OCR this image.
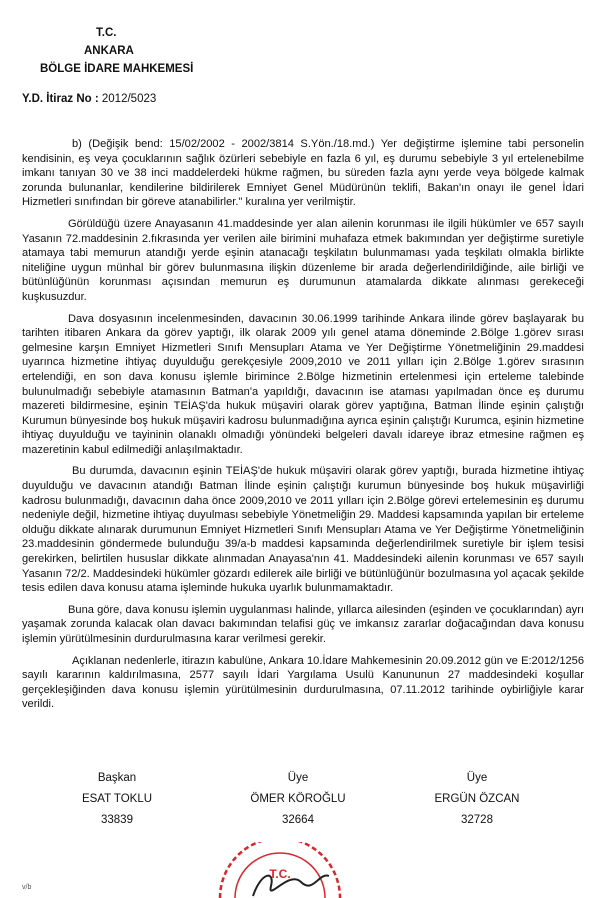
T.C.
ANKARA
BÖLGE İDARE MAHKEMESİ
Y.D. İtiraz No : 2012/5023

b) (Değişik bend: 15/02/2002 - 2002/3814 S.Yön./18.md.) Yer değiştirme işlemine tabi personelin kendisinin, eş veya çocuklarının sağlık özürleri sebebiyle en fazla 6 yıl, eş durumu sebebiyle 3 yıl ertelenebilme imkanı tanıyan 30 ve 38 inci maddelerdeki hükme rağmen, bu süreden fazla aynı yerde veya bölgede kalmak zorunda bulunanlar, kendilerine bildirilerek Emniyet Genel Müdürünün teklifi, Bakan'ın onayı ile genel İdari Hizmetleri sınıfından bir göreve atanabilirler." kuralına yer verilmiştir.

Görüldüğü üzere Anayasanın 41.maddesinde yer alan ailenin korunması ile ilgili hükümler ve 657 sayılı Yasanın 72.maddesinin 2.fıkrasında yer verilen aile birimini muhafaza etmek bakımından yer değiştirme suretiyle atamaya tabi memurun atandığı yerde eşinin atanacağı teşkilatın bulunmaması yada teşkilatı olmakla birlikte niteliğine uygun münhal bir görev bulunmasına ilişkin düzenleme bir arada değerlendirildiğinde, aile birliği ve bütünlüğünün korunması açısından memurun eş durumunun atamalarda dikkate alınması gerekeceği kuşkusuzdur.

Dava dosyasının incelenmesinden, davacının 30.06.1999 tarihinde Ankara ilinde görev başlayarak bu tarihten itibaren Ankara da görev yaptığı, ilk olarak 2009 yılı genel atama döneminde 2.Bölge 1.görev sırası gelmesine karşın Emniyet Hizmetleri Sınıfı Mensupları Atama ve Yer Değiştirme Yönetmeliğinin 29.maddesi uyarınca hizmetine ihtiyaç duyulduğu gerekçesiyle 2009,2010 ve 2011 yılları için 2.Bölge 1.görev sırasının ertelendiği, en son dava konusu işlemle birimince 2.Bölge hizmetinin ertelenmesi için erteleme talebinde bulunulmadığı sebebiyle atamasının Batman'a yapıldığı, davacının ise ataması yapılmadan önce eş durumu mazereti bildirmesine, eşinin TEİAŞ'da hukuk müşaviri olarak görev yaptığına, Batman İlinde eşinin çalıştığı Kurumun bünyesinde boş hukuk müşaviri kadrosu bulunmadığına ayrıca eşinin çalıştığı Kurumca, eşinin hizmetine ihtiyaç duyulduğu ve tayininin olanaklı olmadığı yönündeki belgeleri davalı idareye ibraz etmesine rağmen eş mazeretinin kabul edilmediği anlaşılmaktadır.

Bu durumda, davacının eşinin TEİAŞ'de hukuk müşaviri olarak görev yaptığı, burada hizmetine ihtiyaç duyulduğu ve davacının atandığı Batman İlinde eşinin çalıştığı kurumun bünyesinde boş hukuk müşavirliği kadrosu bulunmadığı, davacının daha önce 2009,2010 ve 2011 yılları için 2.Bölge görevi ertelemesinin eş durumu nedeniyle değil, hizmetine ihtiyaç duyulması sebebiyle Yönetmeliğin 29. Maddesi kapsamında yapılan bir erteleme olduğu dikkate alınarak durumunun Emniyet Hizmetleri Sınıfı Mensupları Atama ve Yer Değiştirme Yönetmeliğinin 23.maddesinin göndermede bulunduğu 39/a-b maddesi kapsamında değerlendirilmek suretiyle bir işlem tesisi gerekirken, belirtilen hususlar dikkate alınmadan Anayasa'nın 41. Maddesindeki ailenin korunması ve 657 sayılı Yasanın 72/2. Maddesindeki hükümler gözardı edilerek aile birliği ve bütünlüğünür bozulmasına yol açacak şekilde tesis edilen dava konusu atama işleminde hukuka uyarlık bulunmamaktadır.

Buna göre, dava konusu işlemin uygulanması halinde, yıllarca ailesinden (eşinden ve çocuklarından) ayrı yaşamak zorunda kalacak olan davacı bakımından telafisi güç ve imkansız zararlar doğacağından dava konusu işlemin yürütülmesinin durdurulmasına karar verilmesi gerekir.

Açıklanan nedenlerle, itirazın kabulüne, Ankara 10.İdare Mahkemesinin 20.09.2012 gün ve E:2012/1256 sayılı kararının kaldırılmasına, 2577 sayılı İdari Yargılama Usulü Kanununun 27 maddesindeki koşullar gerçekleşiğinden dava konusu işlemin yürütülmesinin durdurulmasına, 07.11.2012 tarihinde oybirliğiyle karar verildi.

Başkan
ESAT TOKLU
33839
Üye
ÖMER KÖROĞLU
32664
Üye
ERGÜN ÖZCAN
32728
T.C.
v/b
